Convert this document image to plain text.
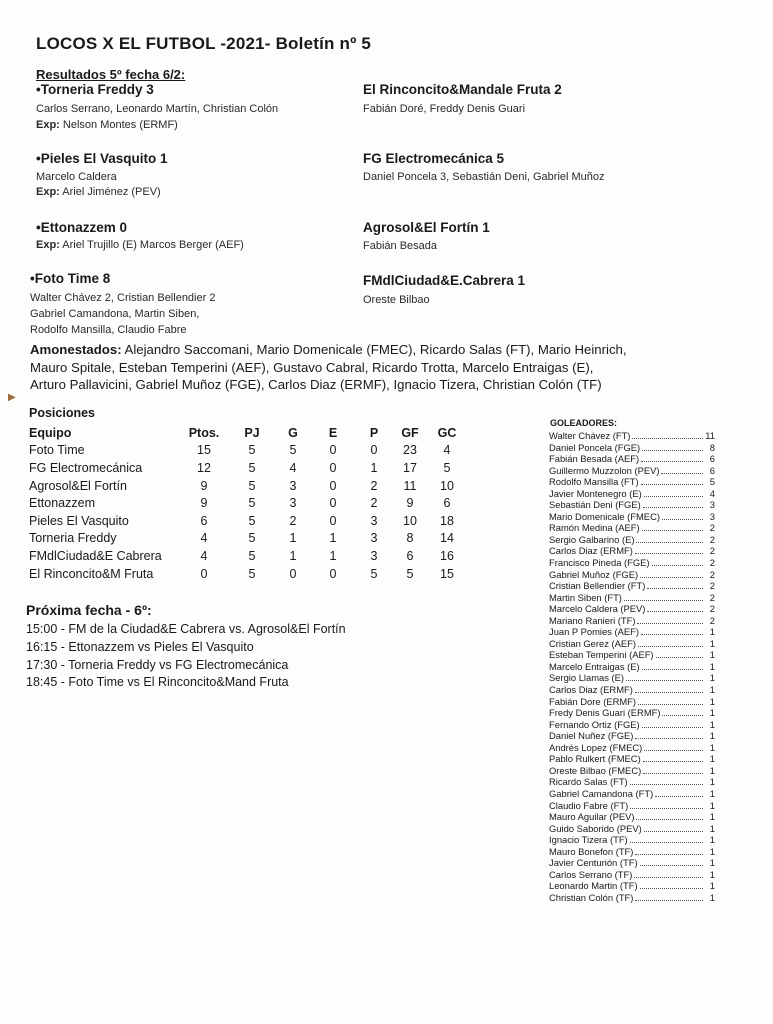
LOCOS X EL FUTBOL -2021- Boletín nº 5
Resultados 5º fecha 6/2:
•Torneria Freddy 3
Carlos Serrano, Leonardo Martín, Christian Colón
Exp: Nelson Montes (ERMF)
El Rinconcito&Mandale Fruta 2
Fabián Doré, Freddy Denis Guari
•Pieles El Vasquito 1
Marcelo Caldera
Exp: Ariel Jiménez (PEV)
FG Electromecánica 5
Daniel Poncela 3, Sebastián Deni, Gabriel Muñoz
•Ettonazzem 0
Exp: Ariel Trujillo (E) Marcos Berger (AEF)
Agrosol&El Fortín 1
Fabián Besada
•Foto Time 8
Walter Chávez 2, Cristian Bellendier 2
Gabriel Camandona, Martin Siben,
Rodolfo Mansilla, Claudio Fabre
FMdlCiudad&E.Cabrera 1
Oreste Bilbao
Amonestados: Alejandro Saccomani, Mario Domenicale (FMEC), Ricardo Salas (FT), Mario Heinrich,
Mauro Spitale, Esteban Temperini (AEF), Gustavo Cabral, Ricardo Trotta, Marcelo Entraigas (E),
Arturo Pallavicini, Gabriel Muñoz (FGE), Carlos Diaz (ERMF), Ignacio Tizera, Christian Colón (TF)
▶
Posiciones
Equipo	Ptos.	PJ	G	E	P	GF	GC
Foto Time	15	5	5	0	0	23	4
FG Electromecánica	12	5	4	0	1	17	5
Agrosol&El Fortín	9	5	3	0	2	11	10
Ettonazzem	9	5	3	0	2	9	6
Pieles El Vasquito	6	5	2	0	3	10	18
Torneria Freddy	4	5	1	1	3	8	14
FMdlCiudad&E Cabrera	4	5	1	1	3	6	16
El Rinconcito&M Fruta	0	5	0	0	5	5	15
Próxima fecha - 6º:
15:00 - FM de la Ciudad&E Cabrera vs. Agrosol&El Fortín
16:15 - Ettonazzem vs Pieles El Vasquito
17:30 - Torneria Freddy vs FG Electromecánica
18:45 - Foto Time vs El Rinconcito&Mand Fruta
GOLEADORES:
Walter Chávez (FT)	11
Daniel Poncela (FGE)	8
Fabián Besada (AEF)	6
Guillermo Muzzolon (PEV)	6
Rodolfo Mansilla (FT)	5
Javier Montenegro (E)	4
Sebastián Deni (FGE)	3
Mario Domenicale (FMEC)	3
Ramón Medina (AEF)	2
Sergio Galbarino (E)	2
Carlos Diaz (ERMF)	2
Francisco Pineda (FGE)	2
Gabriel Muñoz (FGE)	2
Cristian Bellendier (FT)	2
Martin Siben (FT)	2
Marcelo Caldera (PEV)	2
Mariano Ranieri (TF)	2
Juan P Pomies (AEF)	1
Cristian Gerez (AEF)	1
Esteban Temperini (AEF)	1
Marcelo Entraigas (E)	1
Sergio Llamas (E)	1
Carlos Diaz (ERMF)	1
Fabián Dore (ERMF)	1
Fredy Denis Guari (ERMF)	1
Fernando Ortiz (FGE)	1
Daniel Nuñez (FGE)	1
Andrés Lopez (FMEC)	1
Pablo Rulkert (FMEC)	1
Oreste Bilbao (FMEC)	1
Ricardo Salas (FT)	1
Gabriel Camandona (FT)	1
Claudio Fabre (FT)	1
Mauro Aguilar (PEV)	1
Guido Saborido (PEV)	1
Ignacio Tizera (TF)	1
Mauro Bonefon (TF)	1
Javier Centurión (TF)	1
Carlos Serrano (TF)	1
Leonardo Martin (TF)	1
Christian Colón (TF)	1
